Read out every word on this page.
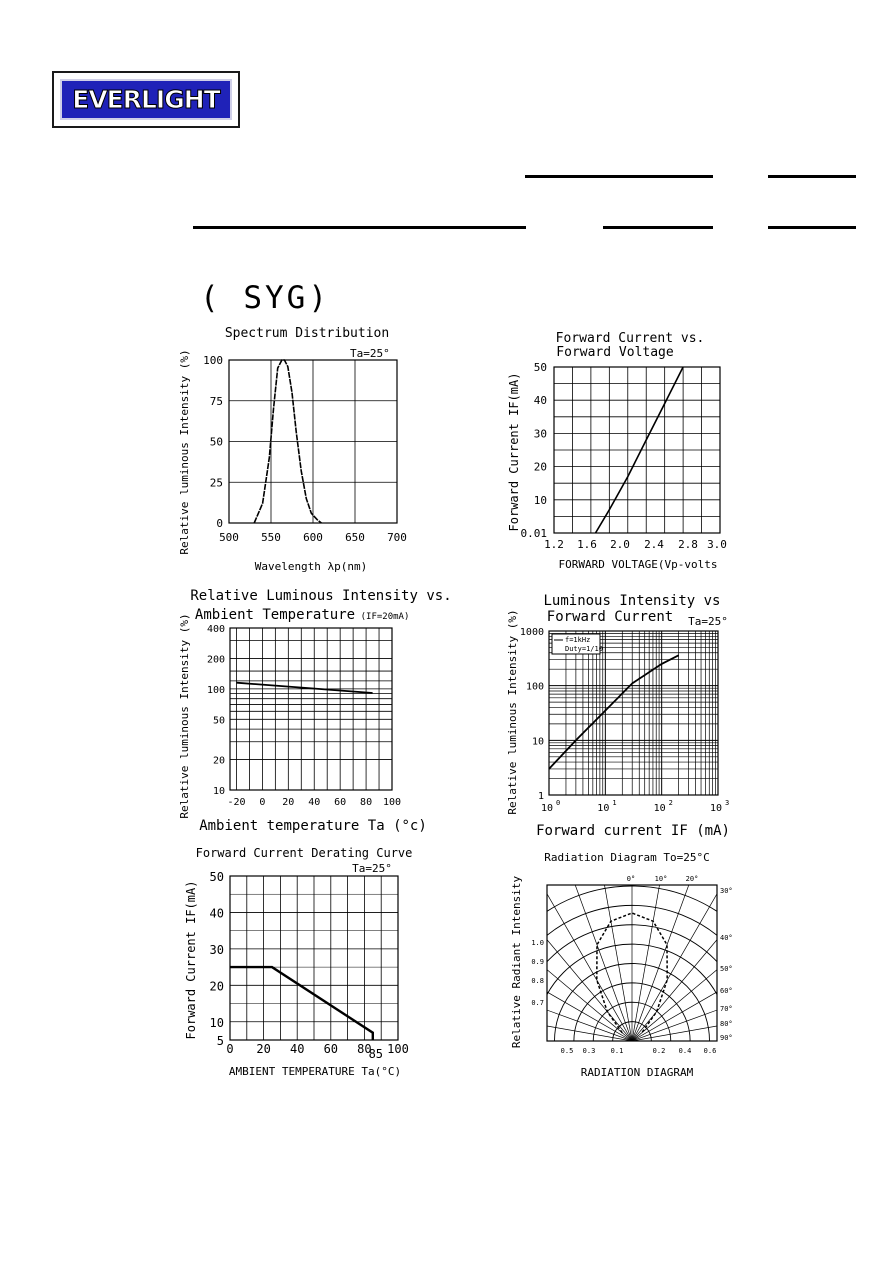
EVERLIGHT
( SYG)
500 550 600 650 700
0
25
50
75
100
Spectrum Distribution
Ta=25°
Wavelength λp(nm)
Relative luminous Intensity (%)	1.2 1.6 2.0 2.4 2.8 3.0
0.01
10
20
30
40
50
Forward Current vs.
Forward Voltage
FORWARD VOLTAGE(Vp-volts
Forward Current IF(mA)
-20 0 20 40 60 80 100
10
20
50
100
200
400
Relative Luminous Intensity vs.
Ambient Temperature (IF=20mA)
Ambient temperature Ta (°c)
Relative luminous Intensity (%)	10 0	10 1	10 2	10 3
1
10
100
1000
f=1kHz
Duty=1/10
Luminous Intensity vs
Forward Current Ta=25°
Forward current IF (mA)
Relative luminous Intensity (%)
0 20 40 60 80 100
85
5
10
20
30
40
50
Forward Current Derating Curve
Ta=25°
AMBIENT TEMPERATURE Ta(°C)
Forward Current IF(mA)
0°	10°	20°
30°
40°
50°
60°
70°
80°
90°
1.0
0.9
0.8
0.7
0.5 0.3 0.1	0.2 0.4 0.6
Radiation Diagram To=25°C
RADIATION DIAGRAM
Relative Radiant Intensity
